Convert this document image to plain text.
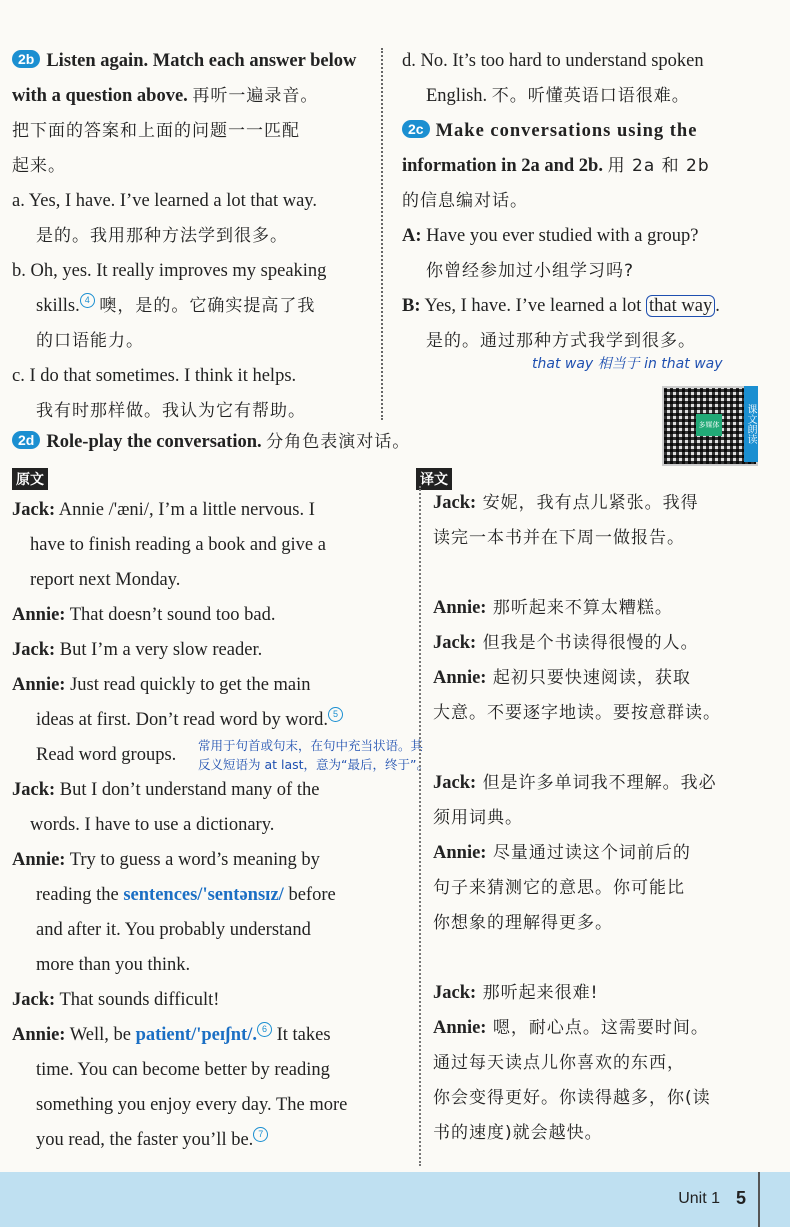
2b Listen again. Match each answer below
with a question above. 再听一遍录音。
把下面的答案和上面的问题一一匹配
起来。
a. Yes, I have. I’ve learned a lot that way.
是的。我用那种方法学到很多。
b. Oh, yes. It really improves my speaking
skills. 4 噢，是的。它确实提高了我
的口语能力。
c. I do that sometimes. I think it helps.
我有时那样做。我认为它有帮助。
d. No. It’s too hard to understand spoken
English. 不。听懂英语口语很难。
2c Make conversations using the
information in 2a and 2b. 用 2a 和 2b
的信息编对话。
A: Have you ever studied with a group?
你曾经参加过小组学习吗?
B: Yes, I have. I’ve learned a lot that way .
是的。通过那种方式我学到很多。
that way 相当于 in that way
多媒体	课文朗读
2d Role-play the conversation. 分角色表演对话。
原文	译文
Jack: Annie /'æni/, I’m a little nervous. I
have to finish reading a book and give a
report next Monday.
Annie: That doesn’t sound too bad.
Jack: But I’m a very slow reader.
Annie: Just read quickly to get the main
ideas at first. Don’t read word by word. 5
Read word groups.
Jack: But I don’t understand many of the
words. I have to use a dictionary.
Annie: Try to guess a word’s meaning by
reading the sentences/'sentənsɪz/ before
and after it. You probably understand
more than you think.
Jack: That sounds difficult!
Annie: Well, be patient/'peɪʃnt/. 6 It takes
time. You can become better by reading
something you enjoy every day. The more
you read, the faster you’ll be. 7
常用于句首或句末，在句中充当状语。其
反义短语为 at last，意为“最后，终于”。
Jack: 安妮，我有点儿紧张。我得
读完一本书并在下周一做报告。
Annie: 那听起来不算太糟糕。
Jack: 但我是个书读得很慢的人。
Annie: 起初只要快速阅读，获取
大意。不要逐字地读。要按意群读。
Jack: 但是许多单词我不理解。我必
须用词典。
Annie: 尽量通过读这个词前后的
句子来猜测它的意思。你可能比
你想象的理解得更多。
Jack: 那听起来很难!
Annie: 嗯，耐心点。这需要时间。
通过每天读点儿你喜欢的东西，
你会变得更好。你读得越多，你(读
书的速度)就会越快。
Unit 1 5
